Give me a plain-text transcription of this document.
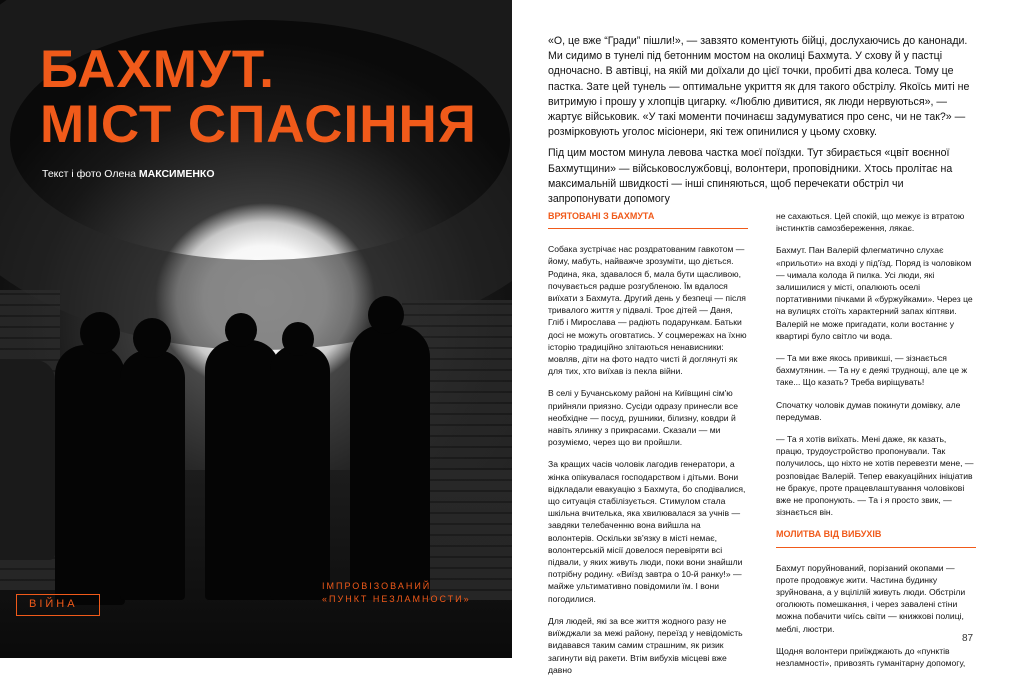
БАХМУТ.
МІСТ СПАСІННЯ
Текст і фото Олена МАКСИМЕНКО
ВІЙНА
ІМПРОВІЗОВАНИЙ
«ПУНКТ НЕЗЛАМНОСТИ»

«О, це вже “Гради” пішли!», — завзято коментують бійці, дослухаючись до канонади. Ми сидимо в тунелі під бетонним мостом на околиці Бахмута. У схову й у пастці одночасно. В автівці, на якій ми доїхали до цієї точки, пробиті два колеса. Тому це пастка. Зате цей тунель — оптимальне укриття як для такого обстрілу. Якоїсь миті не витримую і прошу у хлопців цигарку. «Люблю дивитися, як люди нервуються», — жартує військовик. «У такі моменти починаєш задумуватися про сенс, чи не так?» — розмірковують уголос місіонери, які теж опинилися у цьому сховку.

Під цим мостом минула левова частка моєї поїздки. Тут збирається «цвіт воєнної Бахмутщини» — військовослужбовці, волонтери, проповідники. Хтось пролітає на максимальній швидкості — інші спиняються, щоб перечекати обстріл чи запропонувати допомогу

ВРЯТОВАНІ З БАХМУТА

Собака зустрічає нас роздратованим гавкотом — йому, мабуть, найважче зрозуміти, що діється. Родина, яка, здавалося б, мала бути щасливою, почувається радше розгубленою. Їм вдалося виїхати з Бахмута. Другий день у безпеці — після тривалого життя у підвалі. Троє дітей — Даня, Гліб і Мирослава — радіють подарункам. Батьки досі не можуть оговтатись. У соцмережах на їхню історію традиційно злітаються ненависники: мовляв, діти на фото надто чисті й доглянуті як для тих, хто виїхав із пекла війни.

В селі у Бучанському районі на Київщині сім'ю прийняли приязно. Сусіди одразу принесли все необхідне — посуд, рушники, білизну, ковдри й навіть ялинку з прикрасами. Сказали — ми розуміємо, через що ви пройшли.

За кращих часів чоловік лагодив генератори, а жінка опікувалася господарством і дітьми. Вони відкладали евакуацію з Бахмута, бо сподівалися, що ситуація стабілізується. Стимулом стала шкільна вчителька, яка хвилювалася за учнів — завдяки телебаченню вона вийшла на волонтерів. Оскільки зв'язку в місті немає, волонтерській місії довелося перевіряти всі підвали, у яких живуть люди, поки вони знайшли потрібну родину. «Виїзд завтра о 10-й ранку!» — майже ультимативно повідомили їм. І вони погодилися.

Для людей, які за все життя жодного разу не виїжджали за межі району, переїзд у невідомість видавався таким самим страшним, як ризик загинути від ракети. Втім вибухів місцеві вже давно

не сахаються. Цей спокій, що межує із втратою інстинктів самозбереження, лякає.

Бахмут. Пан Валерій флегматично слухає «прильоти» на вході у під'їзд. Поряд із чоловіком — чимала колода й пилка. Усі люди, які залишилися у місті, опалюють оселі портативними пічками й «буржуйками». Через це на вулицях стоїть характерний запах кіптяви. Валерій не може пригадати, коли востаннє у квартирі було світло чи вода.

— Та ми вже якось привикші, — зізнається бахмутянин. — Та ну є деякі труднощі, але це ж таке... Що казать? Треба виріщувать!

Спочатку чоловік думав покинути домівку, але передумав.

— Та я хотів виїхать. Мені даже, як казать, працю, трудоустройство пропонували. Так получилось, що ніхто не хотів перевезти мене, — розповідає Валерій. Тепер евакуаційних ініціатив не бракує, проте працевлаштування чоловікові вже не пропонують. — Та і я просто звик, — зізнається він.

МОЛИТВА ВІД ВИБУХІВ

Бахмут поруйнований, порізаний окопами — проте продовжує жити. Частина будинку зруйнована, а у вцілілій живуть люди. Обстріли оголюють помешкання, і через завалені стіни можна побачити чиїсь світи — книжкові полиці, меблі, люстри.

Щодня волонтери приїжджають до «пунктів незламності», привозять гуманітарну допомогу,

87
